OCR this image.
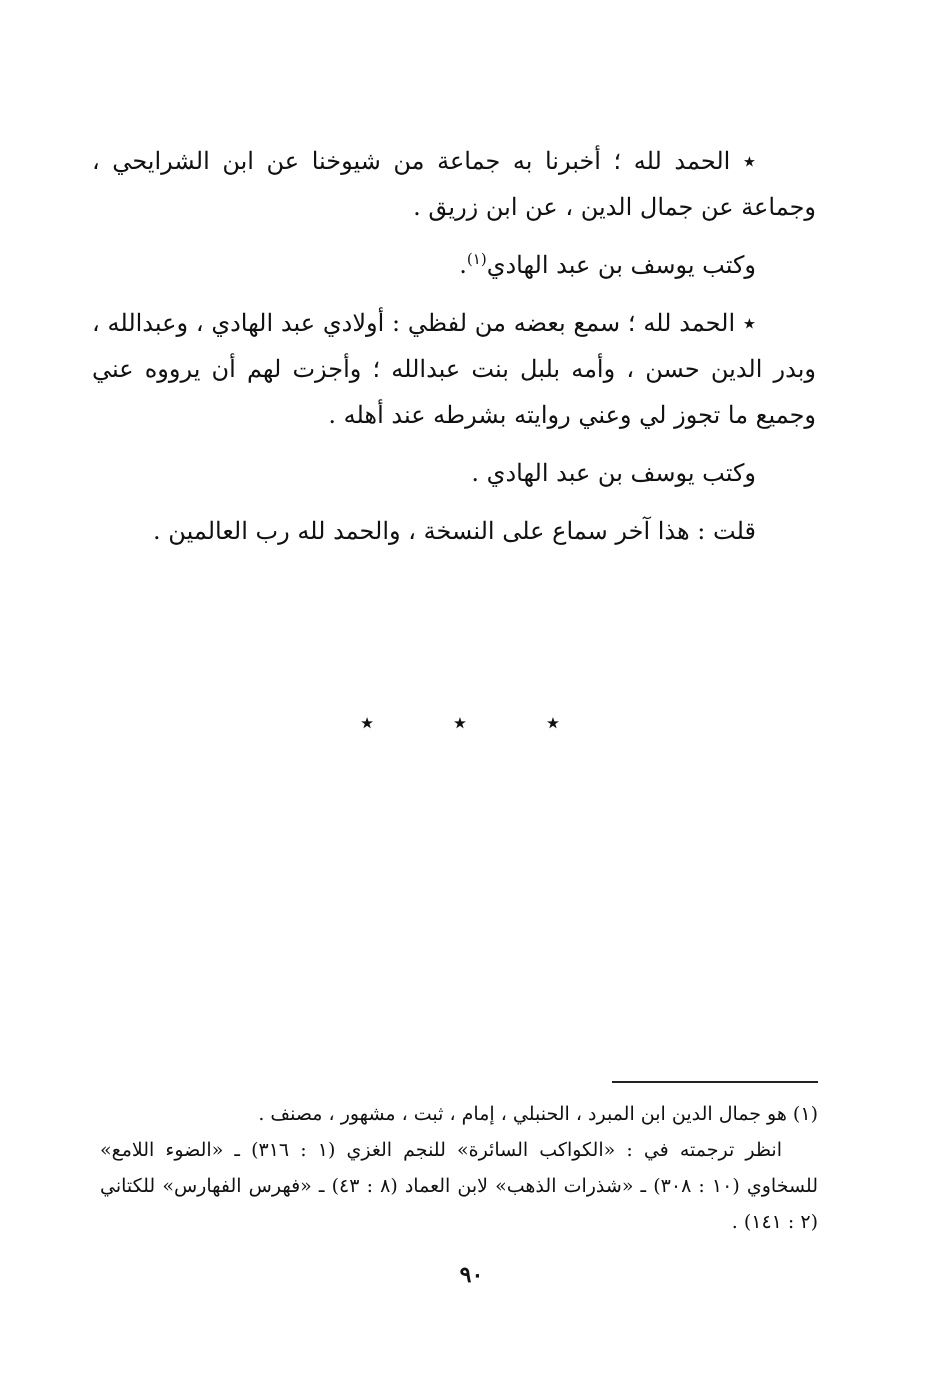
٭ الحمد لله ؛ أخبرنا به جماعة من شيوخنا عن ابن الشرايحي ، وجماعة عن جمال الدين ، عن ابن زريق .

وكتب يوسف بن عبد الهادي$^{(١)}$.

٭ الحمد لله ؛ سمع بعضه من لفظي : أولادي عبد الهادي ، وعبدالله ، وبدر الدين حسن ، وأمه بلبل بنت عبدالله ؛ وأجزت لهم أن يرووه عني وجميع ما تجوز لي وعني روايته بشرطه عند أهله .

وكتب يوسف بن عبد الهادي .

قلت : هذا آخر سماع على النسخة ، والحمد لله رب العالمين .

٭
٭
٭

(١) هو جمال الدين ابن المبرد ، الحنبلي ، إمام ، ثبت ، مشهور ، مصنف .

انظر ترجمته في : «الكواكب السائرة» للنجم الغزي (١ : ٣١٦) ـ «الضوء اللامع» للسخاوي (١٠ : ٣٠٨) ـ «شذرات الذهب» لابن العماد (٨ : ٤٣) ـ «فهرس الفهارس» للكتاني (٢ : ١٤١) .

٩٠
